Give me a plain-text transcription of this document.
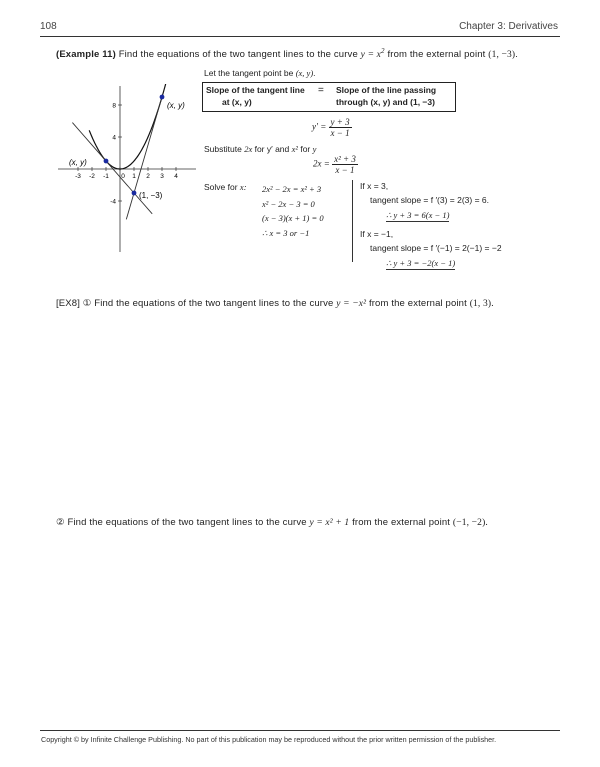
108	Chapter 3: Derivatives
(Example 11) Find the equations of the two tangent lines to the curve $y = x^2$ from the external point (1, −3).
-3 -2 -1 0 1 2 3 4
8
4
-4
(x, y)
(x, y)
(1, −3)
Let the tangent point be (x, y).
Slope of the tangent line
at (x, y)
= Slope of the line passing
through (x, y) and (1, −3)
$y' = \frac{y + 3}{x - 1}$
Substitute 2x for y′ and x² for y
$2x = \frac{\text{x² + 3}}{x - 1}$
Solve for x: 2x² − 2x = x² + 3
x² − 2x − 3 = 0
(x − 3)(x + 1) = 0
∴ x = 3 or −1
If x = 3,
tangent slope = f ′(3) = 2(3) = 6.
∴ y + 3 = 6(x − 1)
If x = −1,
tangent slope = f ′(−1) = 2(−1) = −2
∴ y + 3 = −2(x − 1)
[EX8] ① Find the equations of the two tangent lines to the curve y = −x² from the external point (1, 3).
② Find the equations of the two tangent lines to the curve y = x² + 1 from the external point (−1, −2).
Copyright © by Infinite Challenge Publishing. No part of this publication may be reproduced without the prior written permission of the publisher.
